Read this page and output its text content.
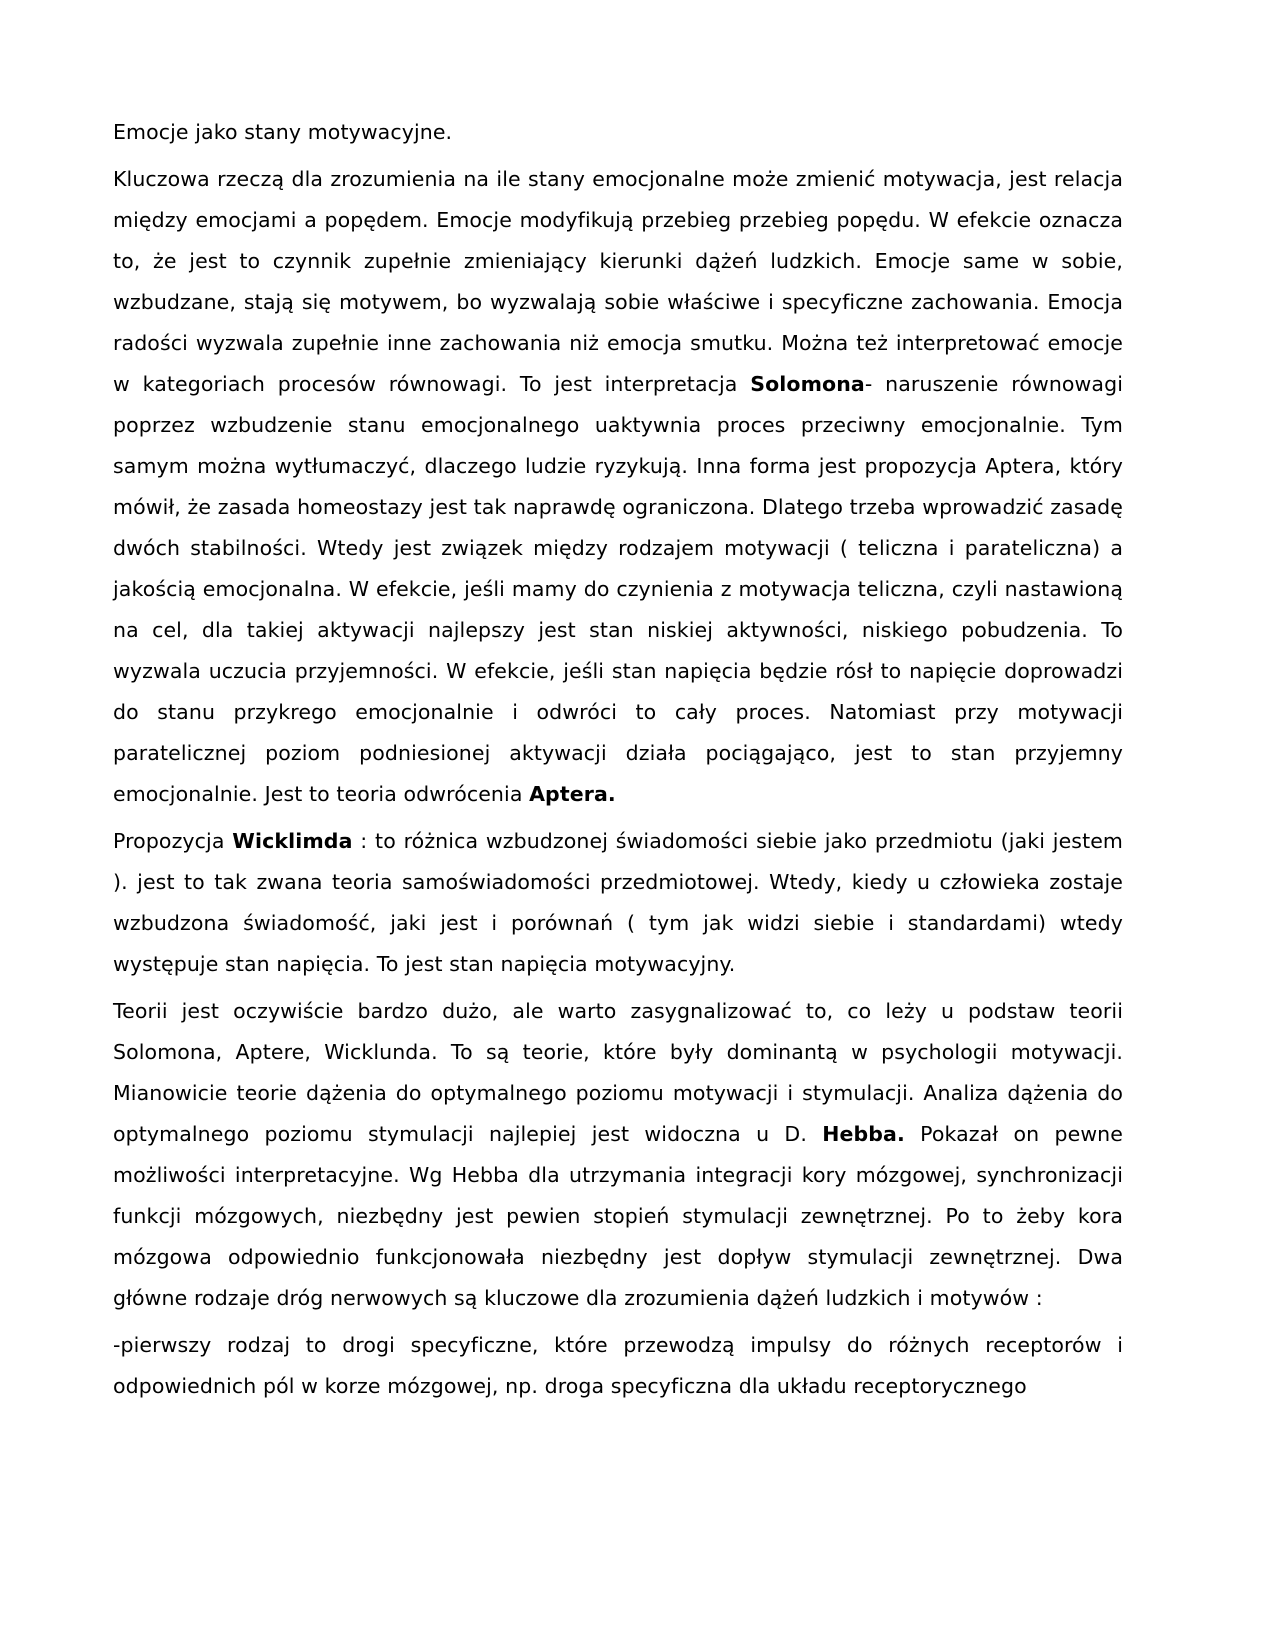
Emocje jako stany motywacyjne.

Kluczowa rzeczą dla zrozumienia na ile stany emocjonalne może zmienić motywacja, jest relacja między emocjami a popędem. Emocje modyfikują przebieg przebieg popędu. W efekcie oznacza to, że jest to czynnik zupełnie zmieniający kierunki dążeń ludzkich. Emocje same w sobie, wzbudzane, stają się motywem, bo wyzwalają sobie właściwe i specyficzne zachowania. Emocja radości wyzwala zupełnie inne zachowania niż emocja smutku. Można też interpretować emocje w kategoriach procesów równowagi. To jest interpretacja Solomona- naruszenie równowagi poprzez wzbudzenie stanu emocjonalnego uaktywnia proces przeciwny emocjonalnie. Tym samym można wytłumaczyć, dlaczego ludzie ryzykują. Inna forma jest propozycja Aptera, który mówił, że zasada homeostazy jest tak naprawdę ograniczona. Dlatego trzeba wprowadzić zasadę dwóch stabilności. Wtedy jest związek między rodzajem motywacji ( teliczna i parateliczna) a jakością emocjonalna. W efekcie, jeśli mamy do czynienia z motywacja teliczna, czyli nastawioną na cel, dla takiej aktywacji najlepszy jest stan niskiej aktywności, niskiego pobudzenia. To wyzwala uczucia przyjemności. W efekcie, jeśli stan napięcia będzie rósł to napięcie doprowadzi do stanu przykrego emocjonalnie i odwróci to cały proces. Natomiast przy motywacji paratelicznej poziom podniesionej aktywacji działa pociągająco, jest to stan przyjemny emocjonalnie. Jest to teoria odwrócenia Aptera.

Propozycja Wicklimda : to różnica wzbudzonej świadomości siebie jako przedmiotu (jaki jestem ). jest to tak zwana teoria samoświadomości przedmiotowej. Wtedy, kiedy u człowieka zostaje wzbudzona świadomość, jaki jest i porównań ( tym jak widzi siebie i standardami) wtedy występuje stan napięcia. To jest stan napięcia motywacyjny.

Teorii jest oczywiście bardzo dużo, ale warto zasygnalizować to, co leży u podstaw teorii Solomona, Aptere, Wicklunda. To są teorie, które były dominantą w psychologii motywacji. Mianowicie teorie dążenia do optymalnego poziomu motywacji i stymulacji. Analiza dążenia do optymalnego poziomu stymulacji najlepiej jest widoczna u D. Hebba. Pokazał on pewne możliwości interpretacyjne. Wg Hebba dla utrzymania integracji kory mózgowej, synchronizacji funkcji mózgowych, niezbędny jest pewien stopień stymulacji zewnętrznej. Po to żeby kora mózgowa odpowiednio funkcjonowała niezbędny jest dopływ stymulacji zewnętrznej. Dwa główne rodzaje dróg nerwowych są kluczowe dla zrozumienia dążeń ludzkich i motywów :

-pierwszy rodzaj to drogi specyficzne, które przewodzą impulsy do różnych receptorów i odpowiednich pól w korze mózgowej, np. droga specyficzna dla układu receptorycznego
